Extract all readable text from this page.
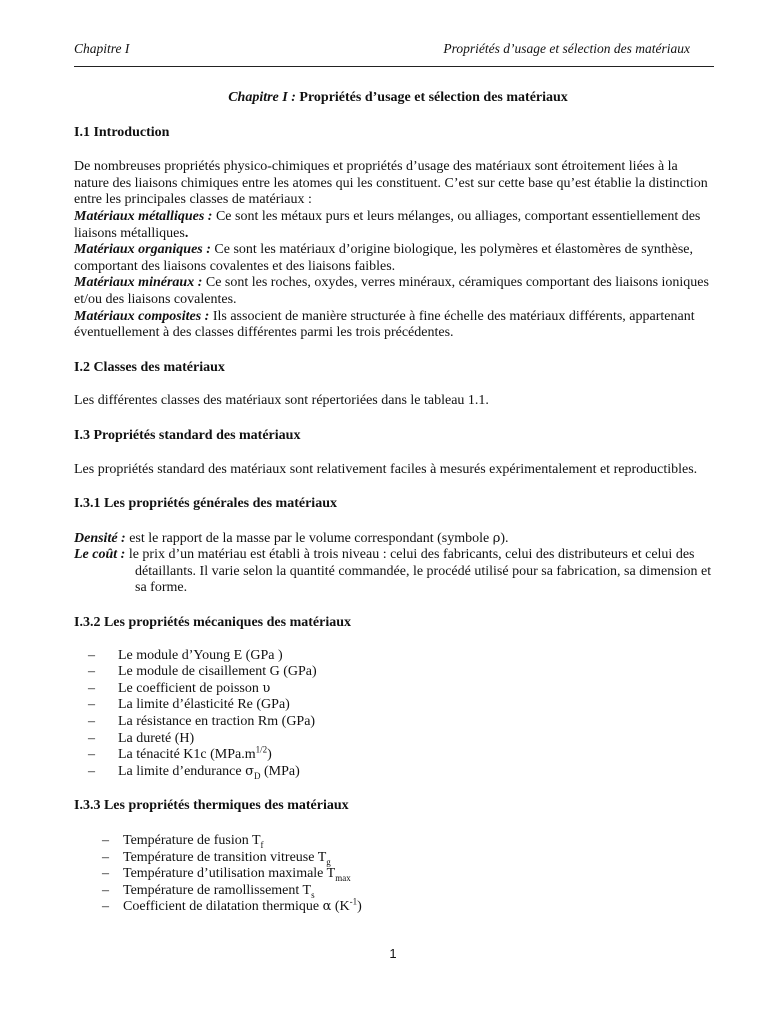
Chapitre I	Propriétés d’usage et sélection des matériaux

Chapitre I : Propriétés d’usage et sélection des matériaux

I.1 Introduction

De nombreuses propriétés physico-chimiques et propriétés d’usage des matériaux sont étroitement liées à la nature des liaisons chimiques entre les atomes qui les constituent. C’est sur cette base qu’est établie la distinction entre les principales classes de matériaux :

Matériaux métalliques : Ce sont les métaux purs et leurs mélanges, ou alliages, comportant essentiellement des liaisons métalliques.

Matériaux organiques : Ce sont les matériaux d’origine biologique, les polymères et élastomères de synthèse, comportant des liaisons covalentes et des liaisons faibles.

Matériaux minéraux : Ce sont les roches, oxydes, verres minéraux, céramiques comportant des liaisons ioniques et/ou des liaisons covalentes.

Matériaux composites : Ils associent de manière structurée à fine échelle des matériaux différents, appartenant éventuellement à des classes différentes parmi les trois précédentes.

I.2 Classes des matériaux

Les différentes classes des matériaux sont répertoriées dans le tableau 1.1.

I.3 Propriétés standard des matériaux

Les propriétés standard des matériaux sont relativement faciles à mesurés expérimentalement et reproductibles.

I.3.1 Les propriétés générales des matériaux

Densité : est le rapport de la masse par le volume correspondant (symbole ρ).

Le coût : le prix d’un matériau est établi à trois niveau : celui des fabricants, celui des distributeurs et celui des détaillants. Il varie selon la quantité commandée, le procédé utilisé pour sa fabrication, sa dimension et sa forme.

I.3.2 Les propriétés mécaniques des matériaux
– Le module d’Young E (GPa )
– Le module de cisaillement G (GPa)
– Le coefficient de poisson υ
– La limite d’élasticité Re (GPa)
– La résistance en traction Rm (GPa)
– La dureté (H)
– La ténacité K1c $(MPa.m^{1/2})$
– La limite d’endurance $\sigma_D$ (MPa)
I.3.3 Les propriétés thermiques des matériaux
– Température de fusion $T_f$
– Température de transition vitreuse $T_g$
– Température d’utilisation maximale $T_{max}$
– Température de ramollissement $T_s$
– Coefficient de dilatation thermique α $(K^{-1})$
1
